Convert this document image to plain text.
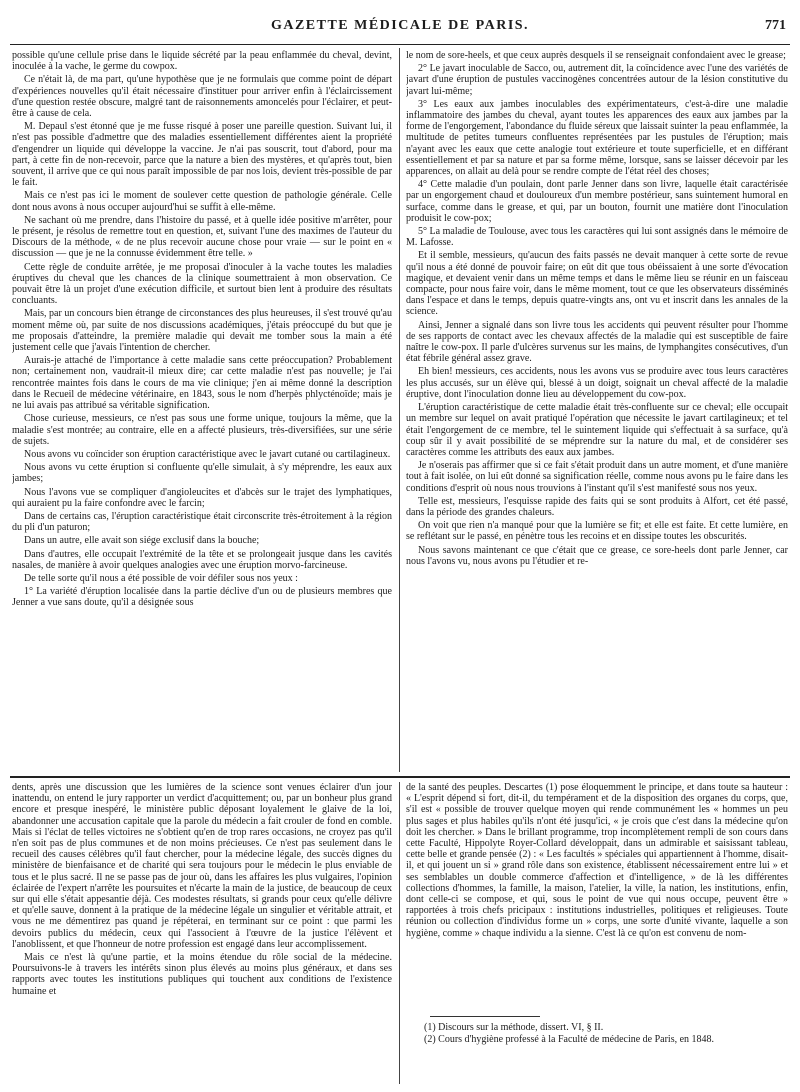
GAZETTE MÉDICALE DE PARIS.	771

possible qu'une cellule prise dans le liquide sécrété par la peau enflammée du cheval, devint, inoculée à la vache, le germe du cowpox.

Ce n'était là, de ma part, qu'une hypothèse que je ne formulais que comme point de départ d'expériences nouvelles qu'il était nécessaire d'instituer pour arriver enfin à l'éclaircissement d'une question restée obscure, malgré tant de raisonnements amoncelés pour l'éclairer, et peut-être à cause de cela.

M. Depaul s'est étonné que je me fusse risqué à poser une pareille question. Suivant lui, il n'est pas possible d'admettre que des maladies essentiellement différentes aient la propriété d'engendrer un liquide qui développe la vaccine. Je n'ai pas souscrit, tout d'abord, pour ma part, à cette fin de non-recevoir, parce que la nature a bien des mystères, et qu'après tout, bien souvent, il arrive que ce qui nous paraît impossible de par nos lois, devient très-possible de par le fait.

Mais ce n'est pas ici le moment de soulever cette question de pathologie générale. Celle dont nous avons à nous occuper aujourd'hui se suffit à elle-même.

Ne sachant où me prendre, dans l'histoire du passé, et à quelle idée positive m'arrêter, pour le présent, je résolus de remettre tout en question, et, suivant l'une des maximes de l'auteur du Discours de la méthode, « de ne plus recevoir aucune chose pour vraie — sur le point en « discussion — que je ne la connusse évidemment être telle. »

Cette règle de conduite arrêtée, je me proposai d'inoculer à la vache toutes les maladies éruptives du cheval que les chances de la clinique soumettraient à mon observation. Ce pouvait être là un projet d'une exécution difficile, et surtout bien lent à produire des résultats concluants.

Mais, par un concours bien étrange de circonstances des plus heureuses, il s'est trouvé qu'au moment même où, par suite de nos discussions académiques, j'étais préoccupé du but que je me proposais d'atteindre, la première maladie qui devait me tomber sous la main a été justement celle que j'avais l'intention de chercher.

Aurais-je attaché de l'importance à cette maladie sans cette préoccupation? Probablement non; certainement non, vaudrait-il mieux dire; car cette maladie n'est pas nouvelle; je l'ai rencontrée maintes fois dans le cours de ma vie clinique; j'en ai même donné la description dans le Recueil de médecine vétérinaire, en 1843, sous le nom d'herpès phlycténoïde; mais je ne lui avais pas attribué sa véritable signification.

Chose curieuse, messieurs, ce n'est pas sous une forme unique, toujours la même, que la maladie s'est montrée; au contraire, elle en a affecté plusieurs, très-diversifiées, sur une série de sujets.

Nous avons vu coïncider son éruption caractéristique avec le javart cutané ou cartilagineux.

Nous avons vu cette éruption si confluente qu'elle simulait, à s'y méprendre, les eaux aux jambes;

Nous l'avons vue se compliquer d'angioleucites et d'abcès sur le trajet des lymphatiques, qui auraient pu la faire confondre avec le farcin;

Dans de certains cas, l'éruption caractéristique était circonscrite très-étroitement à la région du pli d'un paturon;

Dans un autre, elle avait son siége exclusif dans la bouche;

Dans d'autres, elle occupait l'extrémité de la tête et se prolongeait jusque dans les cavités nasales, de manière à avoir quelques analogies avec une éruption morvo-farcineuse.

De telle sorte qu'il nous a été possible de voir défiler sous nos yeux :

1° La variété d'éruption localisée dans la partie déclive d'un ou de plusieurs membres que Jenner a vue sans doute, qu'il a désignée sous

le nom de sore-heels, et que ceux auprès desquels il se renseignait confondaient avec le grease;

2° Le javart inoculable de Sacco, ou, autrement dit, la coïncidence avec l'une des variétés de javart d'une éruption de pustules vaccinogènes concentrées autour de la lésion constitutive du javart lui-même;

3° Les eaux aux jambes inoculables des expérimentateurs, c'est-à-dire une maladie inflammatoire des jambes du cheval, ayant toutes les apparences des eaux aux jambes par la forme de l'engorgement, l'abondance du fluide séreux que laissait suinter la peau enflammée, la multitude de petites tumeurs confluentes représentées par les pustules de l'éruption; mais n'ayant avec les eaux que cette analogie tout extérieure et toute superficielle, et en différant essentiellement et par sa nature et par sa forme même, lorsque, sans se laisser décevoir par les apparences, on allait au delà pour se rendre compte de l'état réel des choses;

4° Cette maladie d'un poulain, dont parle Jenner dans son livre, laquelle était caractérisée par un engorgement chaud et douloureux d'un membre postérieur, sans suintement humoral en surface, comme dans le grease, et qui, par un bouton, fournit une matière dont l'inoculation produisit le cow-pox;

5° La maladie de Toulouse, avec tous les caractères qui lui sont assignés dans le mémoire de M. Lafosse.

Et il semble, messieurs, qu'aucun des faits passés ne devait manquer à cette sorte de revue qu'il nous a été donné de pouvoir faire; on eût dit que tous obéissaient à une sorte d'évocation magique, et devaient venir dans un même temps et dans le même lieu se réunir en un faisceau compacte, pour nous faire voir, dans le même moment, tout ce que les observateurs disséminés dans l'espace et dans le temps, depuis quatre-vingts ans, ont vu et inscrit dans les annales de la science.

Ainsi, Jenner a signalé dans son livre tous les accidents qui peuvent résulter pour l'homme de ses rapports de contact avec les chevaux affectés de la maladie qui est susceptible de faire naître le cow-pox. Il parle d'ulcères survenus sur les mains, de lymphangites consécutives, d'un état fébrile général assez grave.

Eh bien! messieurs, ces accidents, nous les avons vus se produire avec tous leurs caractères les plus accusés, sur un élève qui, blessé à un doigt, soignait un cheval affecté de la maladie éruptive, dont l'inoculation donne lieu au développement du cow-pox.

L'éruption caractéristique de cette maladie était très-confluente sur ce cheval; elle occupait un membre sur lequel on avait pratiqué l'opération que nécessite le javart cartilagineux; et tel était l'engorgement de ce membre, tel le suintement liquide qui s'effectuait à sa surface, qu'à coup sûr il y avait possibilité de se méprendre sur la nature du mal, et de considérer ses caractères comme les attributs des eaux aux jambes.

Je n'oserais pas affirmer que si ce fait s'était produit dans un autre moment, et d'une manière tout à fait isolée, on lui eût donné sa signification réelle, comme nous avons pu le faire dans les conditions d'esprit où nous nous trouvions à l'instant qu'il s'est manifesté sous nos yeux.

Telle est, messieurs, l'esquisse rapide des faits qui se sont produits à Alfort, cet été passé, dans la période des grandes chaleurs.

On voit que rien n'a manqué pour que la lumière se fit; et elle est faite. Et cette lumière, en se reflétant sur le passé, en pénètre tous les recoins et en dissipe toutes les obscurités.

Nous savons maintenant ce que c'était que ce grease, ce sore-heels dont parle Jenner, car nous l'avons vu, nous avons pu l'étudier et re-

dents, après une discussion que les lumières de la science sont venues éclairer d'un jour inattendu, on entend le jury rapporter un verdict d'acquittement; ou, par un bonheur plus grand encore et presque inespéré, le ministère public déposant loyalement le glaive de la loi, abandonner une accusation capitale que la parole du médecin a fait crouler de fond en comble. Mais si l'éclat de telles victoires ne s'obtient qu'en de trop rares occasions, ne croyez pas qu'il n'en soit pas de plus communes et de non moins précieuses. Ce n'est pas seulement dans le recueil des causes célèbres qu'il faut chercher, pour la médecine légale, des succès dignes du ministère de bienfaisance et de charité qui sera toujours pour le médecin le plus enviable de tous et le plus sacré. Il ne se passe pas de jour où, dans les affaires les plus vulgaires, l'opinion éclairée de l'expert n'arrête les poursuites et n'écarte la main de la justice, de beaucoup de ceux sur qui elle s'était appesantie déjà. Ces modestes résultats, si grands pour ceux qu'elle délivre et qu'elle sauve, donnent à la pratique de la médecine légale un singulier et véritable attrait, et vous ne me démentirez pas quand je répéterai, en terminant sur ce point : que parmi les devoirs publics du médecin, ceux qui l'associent à l'œuvre de la justice l'élèvent et l'anoblissent, et que l'honneur de notre profession est engagé dans leur accomplissement.

Mais ce n'est là qu'une partie, et la moins étendue du rôle social de la médecine. Poursuivons-le à travers les intérêts sinon plus élevés au moins plus généraux, et dans ses rapports avec toutes les institutions publiques qui touchent aux conditions de l'existence humaine et

de la santé des peuples. Descartes (1) pose éloquemment le principe, et dans toute sa hauteur : « L'esprit dépend si fort, dit-il, du tempérament et de la disposition des organes du corps, que, s'il est « possible de trouver quelque moyen qui rende communément les « hommes un peu plus sages et plus habiles qu'ils n'ont été jusqu'ici, « je crois que c'est dans la médecine qu'on doit les chercher. » Dans le brillant programme, trop incomplètement rempli de son cours dans cette Faculté, Hippolyte Royer-Collard développait, dans un admirable et saisissant tableau, cette belle et grande pensée (2) : « Les facultés » spéciales qui appartiennent à l'homme, disait-il, et qui jouent un si » grand rôle dans son existence, établissent nécessairement entre lui » et ses semblables un double commerce d'affection et d'intelligence, » de là les différentes collections d'hommes, la famille, la maison, l'atelier, la ville, la nation, les institutions, enfin, dont celle-ci se compose, et qui, sous le point de vue qui nous occupe, peuvent être » rapportées à trois chefs pricipaux : institutions industrielles, politiques et religieuses. Toute réunion ou collection d'individus forme un » corps, une sorte d'unité vivante, laquelle a son hygiène, comme » chaque individu a la sienne. C'est là ce qu'on est convenu de nom-

(1) Discours sur la méthode, dissert. VI, § II.
(2) Cours d'hygiène professé à la Faculté de médecine de Paris, en 1848.
